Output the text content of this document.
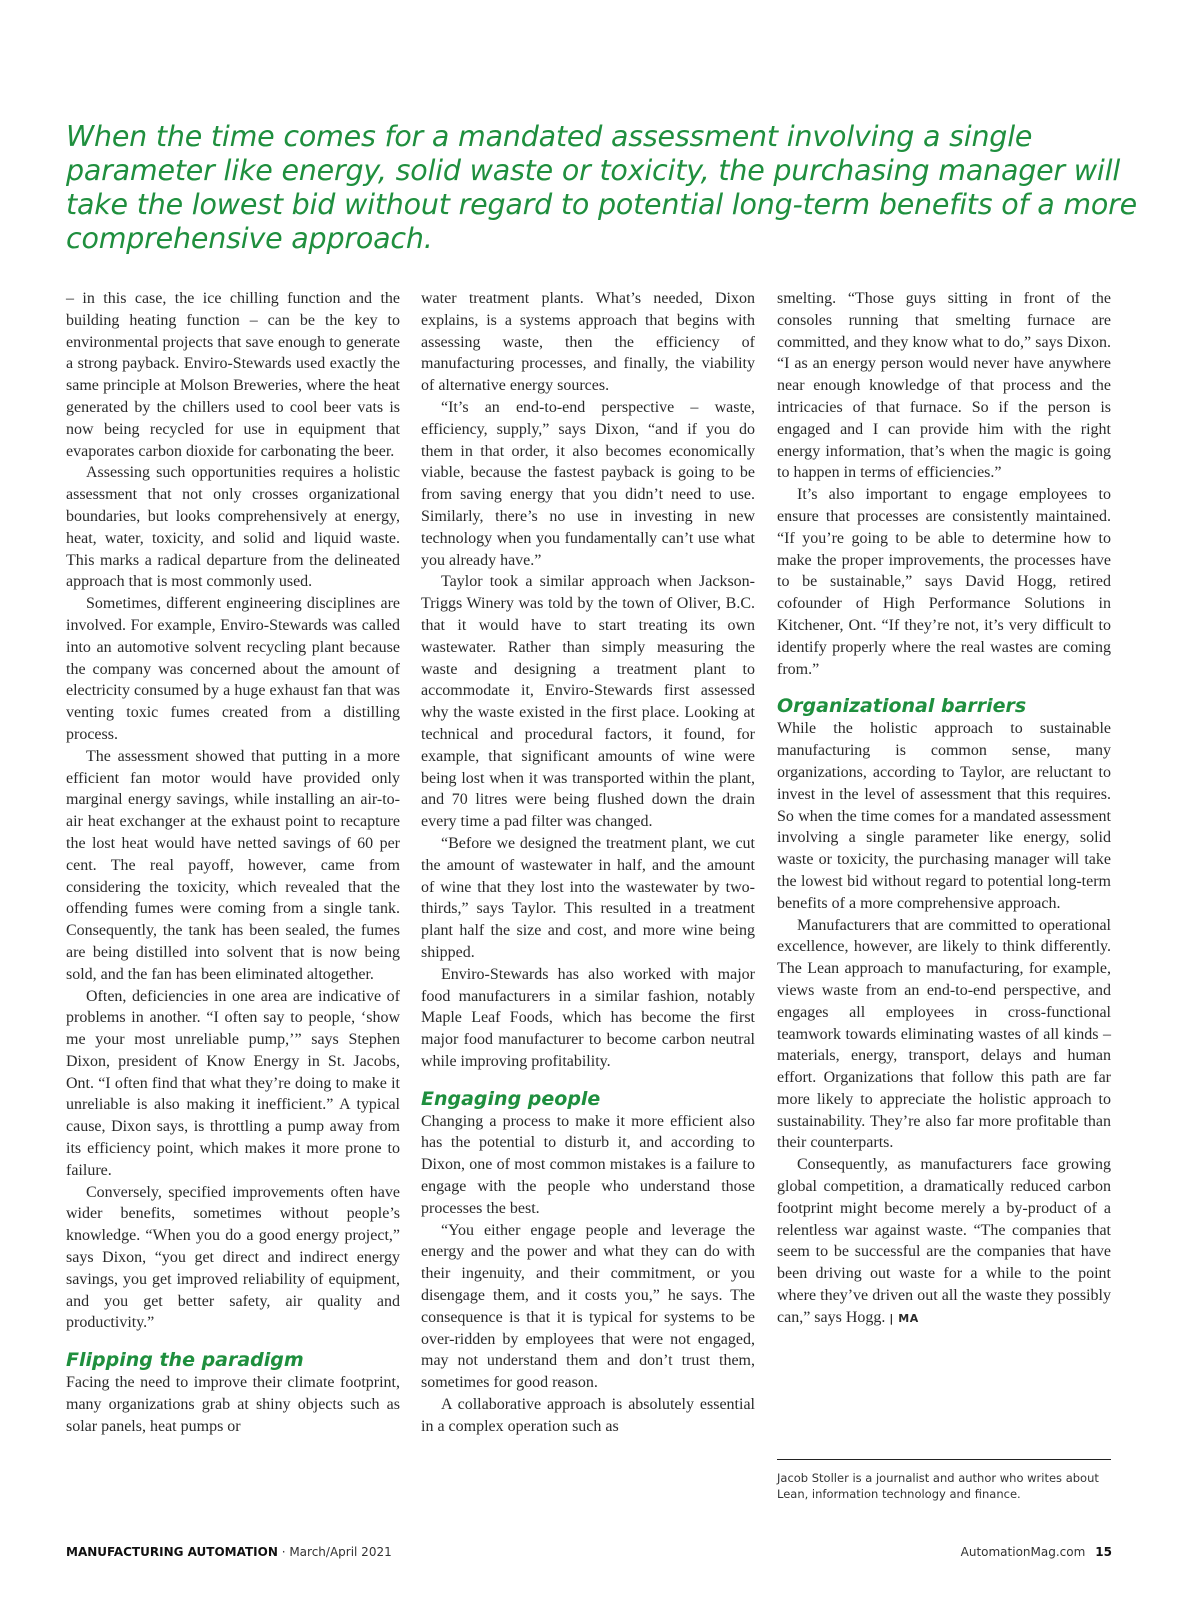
When the time comes for a mandated assessment involving a single parameter like energy, solid waste or toxicity, the purchasing manager will take the lowest bid without regard to potential long-term benefits of a more comprehensive approach.

– in this case, the ice chilling function and the building heating function – can be the key to environmental projects that save enough to generate a strong payback. Enviro-Stewards used exactly the same principle at Molson Breweries, where the heat generated by the chillers used to cool beer vats is now being recycled for use in equipment that evaporates carbon dioxide for carbonating the beer.

Assessing such opportunities requires a holistic assessment that not only crosses organizational boundaries, but looks comprehensively at energy, heat, water, toxicity, and solid and liquid waste. This marks a radical departure from the delineated approach that is most commonly used.

Sometimes, different engineering disciplines are involved. For example, Enviro-Stewards was called into an automotive solvent recycling plant because the company was concerned about the amount of electricity consumed by a huge exhaust fan that was venting toxic fumes created from a distilling process.

The assessment showed that putting in a more efficient fan motor would have provided only marginal energy savings, while installing an air-to-air heat exchanger at the exhaust point to recapture the lost heat would have netted savings of 60 per cent. The real payoff, however, came from considering the toxicity, which revealed that the offending fumes were coming from a single tank. Consequently, the tank has been sealed, the fumes are being distilled into solvent that is now being sold, and the fan has been eliminated altogether.

Often, deficiencies in one area are indicative of problems in another. “I often say to people, ‘show me your most unreliable pump,’” says Stephen Dixon, president of Know Energy in St. Jacobs, Ont. “I often find that what they’re doing to make it unreliable is also making it inefficient.” A typical cause, Dixon says, is throttling a pump away from its efficiency point, which makes it more prone to failure.

Conversely, specified improvements often have wider benefits, sometimes without people’s knowledge. “When you do a good energy project,” says Dixon, “you get direct and indirect energy savings, you get improved reliability of equipment, and you get better safety, air quality and productivity.”

Flipping the paradigm

Facing the need to improve their climate footprint, many organizations grab at shiny objects such as solar panels, heat pumps or

water treatment plants. What’s needed, Dixon explains, is a systems approach that begins with assessing waste, then the efficiency of manufacturing processes, and finally, the viability of alternative energy sources.

“It’s an end-to-end perspective – waste, efficiency, supply,” says Dixon, “and if you do them in that order, it also becomes economically viable, because the fastest payback is going to be from saving energy that you didn’t need to use. Similarly, there’s no use in investing in new technology when you fundamentally can’t use what you already have.”

Taylor took a similar approach when Jackson-Triggs Winery was told by the town of Oliver, B.C. that it would have to start treating its own wastewater. Rather than simply measuring the waste and designing a treatment plant to accommodate it, Enviro-Stewards first assessed why the waste existed in the first place. Looking at technical and procedural factors, it found, for example, that significant amounts of wine were being lost when it was transported within the plant, and 70 litres were being flushed down the drain every time a pad filter was changed.

“Before we designed the treatment plant, we cut the amount of wastewater in half, and the amount of wine that they lost into the wastewater by two-thirds,” says Taylor. This resulted in a treatment plant half the size and cost, and more wine being shipped.

Enviro-Stewards has also worked with major food manufacturers in a similar fashion, notably Maple Leaf Foods, which has become the first major food manufacturer to become carbon neutral while improving profitability.

Engaging people

Changing a process to make it more efficient also has the potential to disturb it, and according to Dixon, one of most common mistakes is a failure to engage with the people who understand those processes the best.

“You either engage people and leverage the energy and the power and what they can do with their ingenuity, and their commitment, or you disengage them, and it costs you,” he says. The consequence is that it is typical for systems to be over-ridden by employees that were not engaged, may not understand them and don’t trust them, sometimes for good reason.

A collaborative approach is absolutely essential in a complex operation such as

smelting. “Those guys sitting in front of the consoles running that smelting furnace are committed, and they know what to do,” says Dixon. “I as an energy person would never have anywhere near enough knowledge of that process and the intricacies of that furnace. So if the person is engaged and I can provide him with the right energy information, that’s when the magic is going to happen in terms of efficiencies.”

It’s also important to engage employees to ensure that processes are consistently maintained. “If you’re going to be able to determine how to make the proper improvements, the processes have to be sustainable,” says David Hogg, retired cofounder of High Performance Solutions in Kitchener, Ont. “If they’re not, it’s very difficult to identify properly where the real wastes are coming from.”

Organizational barriers

While the holistic approach to sustainable manufacturing is common sense, many organizations, according to Taylor, are reluctant to invest in the level of assessment that this requires. So when the time comes for a mandated assessment involving a single parameter like energy, solid waste or toxicity, the purchasing manager will take the lowest bid without regard to potential long-term benefits of a more comprehensive approach.

Manufacturers that are committed to operational excellence, however, are likely to think differently. The Lean approach to manufacturing, for example, views waste from an end-to-end perspective, and engages all employees in cross-functional teamwork towards eliminating wastes of all kinds – materials, energy, transport, delays and human effort. Organizations that follow this path are far more likely to appreciate the holistic approach to sustainability. They’re also far more profitable than their counterparts.

Consequently, as manufacturers face growing global competition, a dramatically reduced carbon footprint might become merely a by-product of a relentless war against waste. “The companies that seem to be successful are the companies that have been driving out waste for a while to the point where they’ve driven out all the waste they possibly can,” says Hogg. | MA

Jacob Stoller is a journalist and author who writes about Lean, information technology and finance.
MANUFACTURING AUTOMATION · March/April 2021	AutomationMag.com 15
